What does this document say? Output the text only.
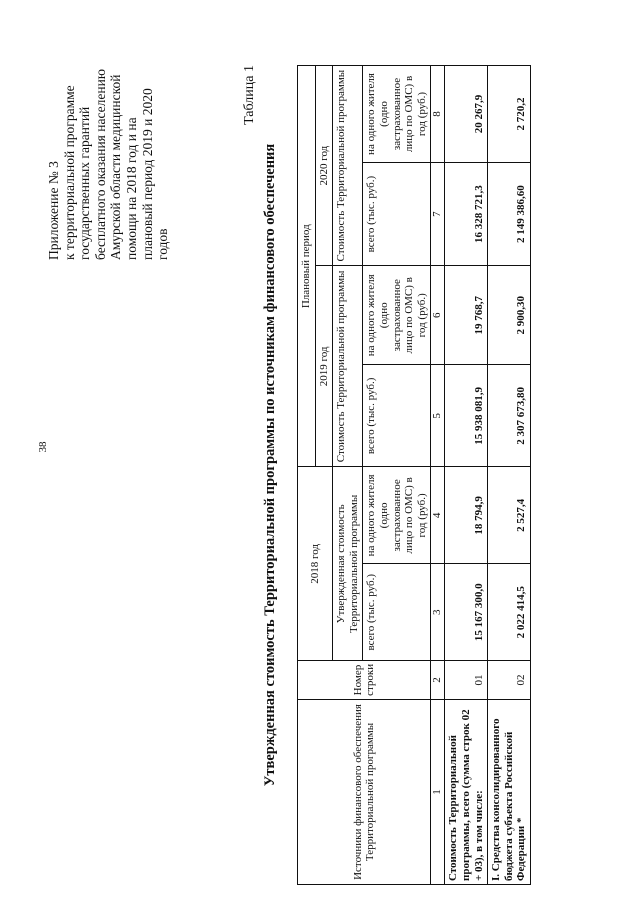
38
Приложение № 3 к территориальной программе государственных гарантий бесплатного оказания населению Амурской области медицинской помощи на 2018 год и на плановый период 2019 и 2020 годов
Таблица 1
Утвержденная стоимость Территориальной программы по источникам финансового обеспечения
Источники финансового обеспечения Территориальной программы	Номер строки	2018 год		Плановый период			
				2019 год		2020 год	
		Утвержденная стоимость Территориальной программы		Стоимость Территориальной программы		Стоимость Территориальной программы	
		всего (тыс. руб.)	на одного жителя (одно застрахованное лицо по ОМС) в год (руб.)	всего (тыс. руб.)	на одного жителя (одно застрахованное лицо по ОМС) в год (руб.)	всего (тыс. руб.)	на одного жителя (одно застрахованное лицо по ОМС) в год (руб.)
1	2	3	4	5	6	7	8
Стоимость Территориальной программы, всего (сумма строк 02 + 03), в том числе:	01	15 167 300,0	18 794,9	15 938 081,9	19 768,7	16 328 721,3	20 267,9
I. Средства консолидированного бюджета субъекта Российской Федерации *	02	2 022 414,5	2 527,4	2 307 673,80	2 900,30	2 149 386,60	2 720,2
